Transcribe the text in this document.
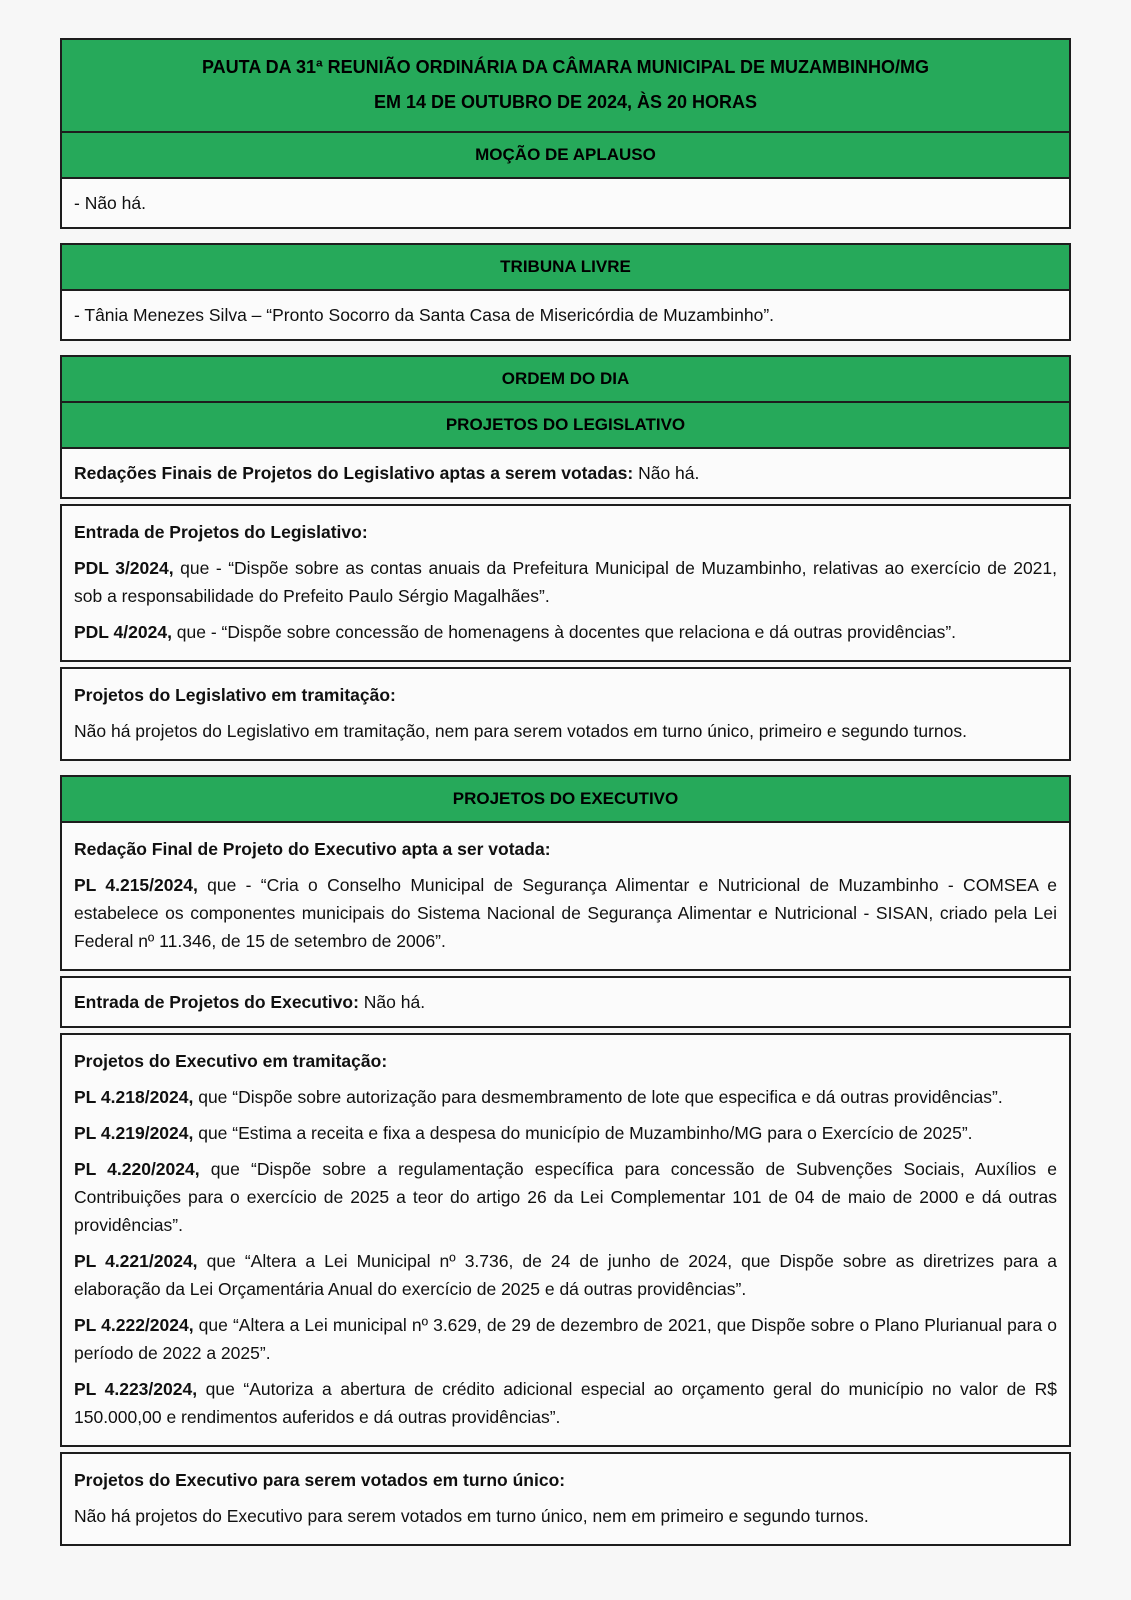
PAUTA DA 31ª REUNIÃO ORDINÁRIA DA CÂMARA MUNICIPAL DE MUZAMBINHO/MG
EM 14 DE OUTUBRO DE 2024, ÀS 20 HORAS
MOÇÃO DE APLAUSO
- Não há.
TRIBUNA LIVRE
- Tânia Menezes Silva – “Pronto Socorro da Santa Casa de Misericórdia de Muzambinho”.
ORDEM DO DIA
PROJETOS DO LEGISLATIVO
Redações Finais de Projetos do Legislativo aptas a serem votadas: Não há.

Entrada de Projetos do Legislativo:

PDL 3/2024, que - “Dispõe sobre as contas anuais da Prefeitura Municipal de Muzambinho, relativas ao exercício de 2021, sob a responsabilidade do Prefeito Paulo Sérgio Magalhães”.

PDL 4/2024, que - “Dispõe sobre concessão de homenagens à docentes que relaciona e dá outras providências”.

Projetos do Legislativo em tramitação:

Não há projetos do Legislativo em tramitação, nem para serem votados em turno único, primeiro e segundo turnos.

PROJETOS DO EXECUTIVO

Redação Final de Projeto do Executivo apta a ser votada:

PL 4.215/2024, que - “Cria o Conselho Municipal de Segurança Alimentar e Nutricional de Muzambinho - COMSEA e estabelece os componentes municipais do Sistema Nacional de Segurança Alimentar e Nutricional - SISAN, criado pela Lei Federal nº 11.346, de 15 de setembro de 2006”.

Entrada de Projetos do Executivo: Não há.

Projetos do Executivo em tramitação:

PL 4.218/2024, que “Dispõe sobre autorização para desmembramento de lote que especifica e dá outras providências”.

PL 4.219/2024, que “Estima a receita e fixa a despesa do município de Muzambinho/MG para o Exercício de 2025”.

PL 4.220/2024, que “Dispõe sobre a regulamentação específica para concessão de Subvenções Sociais, Auxílios e Contribuições para o exercício de 2025 a teor do artigo 26 da Lei Complementar 101 de 04 de maio de 2000 e dá outras providências”.

PL 4.221/2024, que “Altera a Lei Municipal nº 3.736, de 24 de junho de 2024, que Dispõe sobre as diretrizes para a elaboração da Lei Orçamentária Anual do exercício de 2025 e dá outras providências”.

PL 4.222/2024, que “Altera a Lei municipal nº 3.629, de 29 de dezembro de 2021, que Dispõe sobre o Plano Plurianual para o período de 2022 a 2025”.

PL 4.223/2024, que “Autoriza a abertura de crédito adicional especial ao orçamento geral do município no valor de R$ 150.000,00 e rendimentos auferidos e dá outras providências”.

Projetos do Executivo para serem votados em turno único:

Não há projetos do Executivo para serem votados em turno único, nem em primeiro e segundo turnos.
